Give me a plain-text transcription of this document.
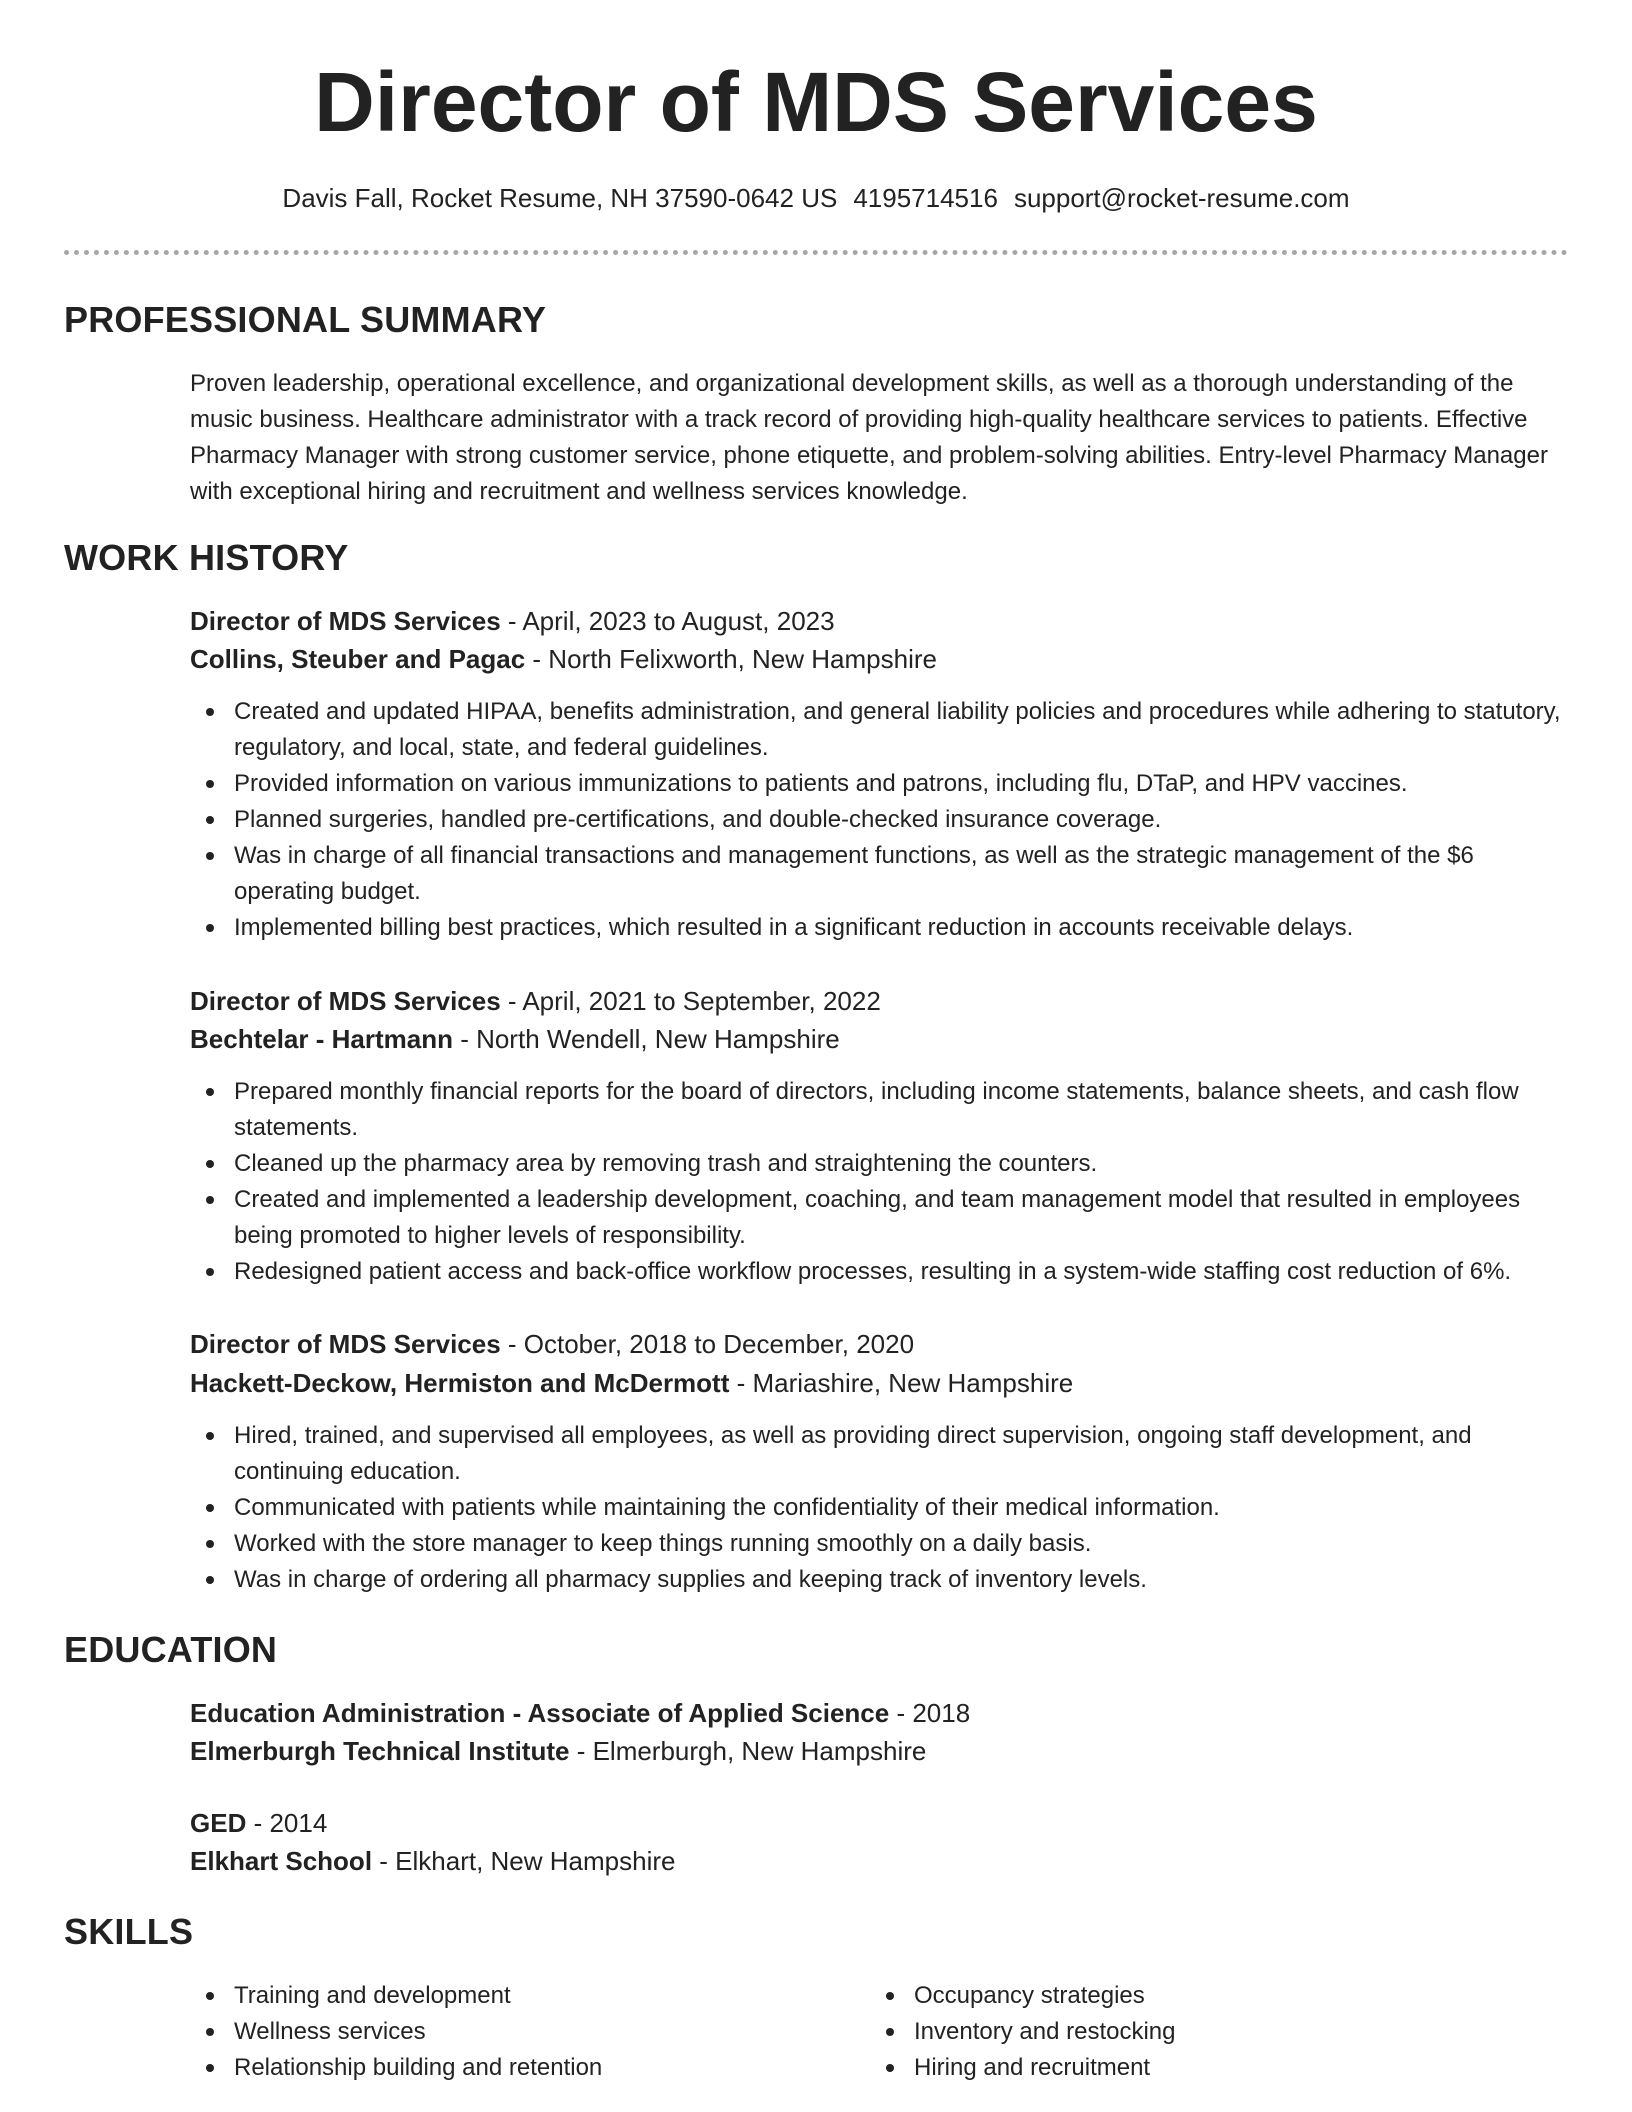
Director of MDS Services
Davis Fall, Rocket Resume, NH 37590-0642 US 4195714516 support@rocket-resume.com
PROFESSIONAL SUMMARY

Proven leadership, operational excellence, and organizational development skills, as well as a thorough understanding of the music business. Healthcare administrator with a track record of providing high-quality healthcare services to patients. Effective Pharmacy Manager with strong customer service, phone etiquette, and problem-solving abilities. Entry-level Pharmacy Manager with exceptional hiring and recruitment and wellness services knowledge.

WORK HISTORY
Director of MDS Services - April, 2023 to August, 2023
Collins, Steuber and Pagac - North Felixworth, New Hampshire
Created and updated HIPAA, benefits administration, and general liability policies and procedures while adhering to statutory, regulatory, and local, state, and federal guidelines.
Provided information on various immunizations to patients and patrons, including flu, DTaP, and HPV vaccines.
Planned surgeries, handled pre-certifications, and double-checked insurance coverage.
Was in charge of all financial transactions and management functions, as well as the strategic management of the $6 operating budget.
Implemented billing best practices, which resulted in a significant reduction in accounts receivable delays.
Director of MDS Services - April, 2021 to September, 2022
Bechtelar - Hartmann - North Wendell, New Hampshire
Prepared monthly financial reports for the board of directors, including income statements, balance sheets, and cash flow statements.
Cleaned up the pharmacy area by removing trash and straightening the counters.
Created and implemented a leadership development, coaching, and team management model that resulted in employees being promoted to higher levels of responsibility.
Redesigned patient access and back-office workflow processes, resulting in a system-wide staffing cost reduction of 6%.
Director of MDS Services - October, 2018 to December, 2020
Hackett-Deckow, Hermiston and McDermott - Mariashire, New Hampshire
Hired, trained, and supervised all employees, as well as providing direct supervision, ongoing staff development, and continuing education.
Communicated with patients while maintaining the confidentiality of their medical information.
Worked with the store manager to keep things running smoothly on a daily basis.
Was in charge of ordering all pharmacy supplies and keeping track of inventory levels.
EDUCATION
Education Administration - Associate of Applied Science - 2018
Elmerburgh Technical Institute - Elmerburgh, New Hampshire
GED - 2014
Elkhart School - Elkhart, New Hampshire
SKILLS
Training and development
Wellness services
Relationship building and retention
Occupancy strategies
Inventory and restocking
Hiring and recruitment
